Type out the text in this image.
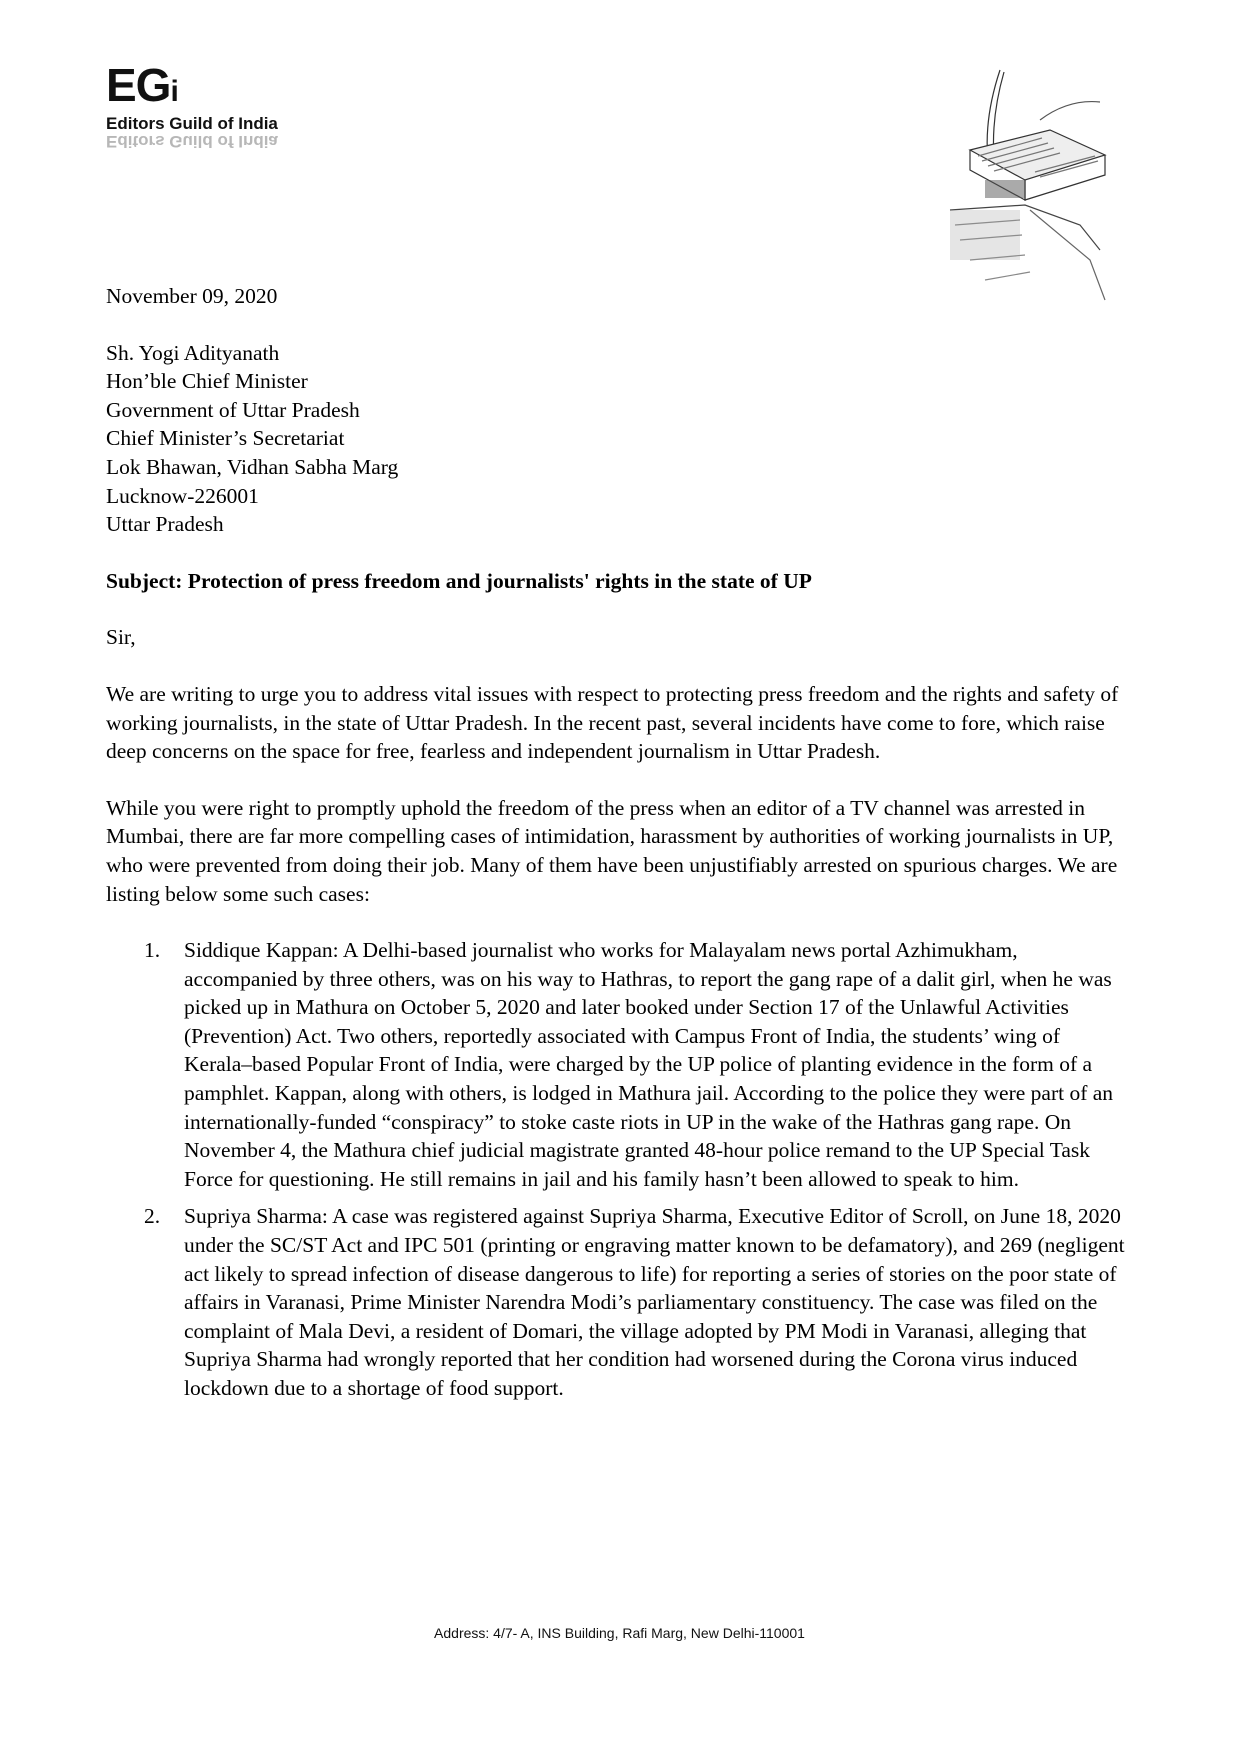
EGi
Editors Guild of India
Editors Guild of India

November 09, 2020

Sh. Yogi Adityanath

Hon’ble Chief Minister

Government of Uttar Pradesh

Chief Minister’s Secretariat

Lok Bhawan, Vidhan Sabha Marg

Lucknow-226001

Uttar Pradesh

Subject: Protection of press freedom and journalists' rights in the state of UP

Sir,

We are writing to urge you to address vital issues with respect to protecting press freedom and the rights and safety of working journalists, in the state of Uttar Pradesh. In the recent past, several incidents have come to fore, which raise deep concerns on the space for free, fearless and independent journalism in Uttar Pradesh.

While you were right to promptly uphold the freedom of the press when an editor of a TV channel was arrested in Mumbai, there are far more compelling cases of intimidation, harassment by authorities of working journalists in UP, who were prevented from doing their job. Many of them have been unjustifiably arrested on spurious charges. We are listing below some such cases:

1. Siddique Kappan: A Delhi-based journalist who works for Malayalam news portal Azhimukham, accompanied by three others, was on his way to Hathras, to report the gang rape of a dalit girl, when he was picked up in Mathura on October 5, 2020 and later booked under Section 17 of the Unlawful Activities (Prevention) Act. Two others, reportedly associated with Campus Front of India, the students’ wing of Kerala–based Popular Front of India, were charged by the UP police of planting evidence in the form of a pamphlet. Kappan, along with others, is lodged in Mathura jail. According to the police they were part of an internationally-funded “conspiracy” to stoke caste riots in UP in the wake of the Hathras gang rape. On November 4, the Mathura chief judicial magistrate granted 48-hour police remand to the UP Special Task Force for questioning. He still remains in jail and his family hasn’t been allowed to speak to him.
2. Supriya Sharma: A case was registered against Supriya Sharma, Executive Editor of Scroll, on June 18, 2020 under the SC/ST Act and IPC 501 (printing or engraving matter known to be defamatory), and 269 (negligent act likely to spread infection of disease dangerous to life) for reporting a series of stories on the poor state of affairs in Varanasi, Prime Minister Narendra Modi’s parliamentary constituency. The case was filed on the complaint of Mala Devi, a resident of Domari, the village adopted by PM Modi in Varanasi, alleging that Supriya Sharma had wrongly reported that her condition had worsened during the Corona virus induced lockdown due to a shortage of food support.
Address: 4/7- A, INS Building, Rafi Marg, New Delhi-110001
